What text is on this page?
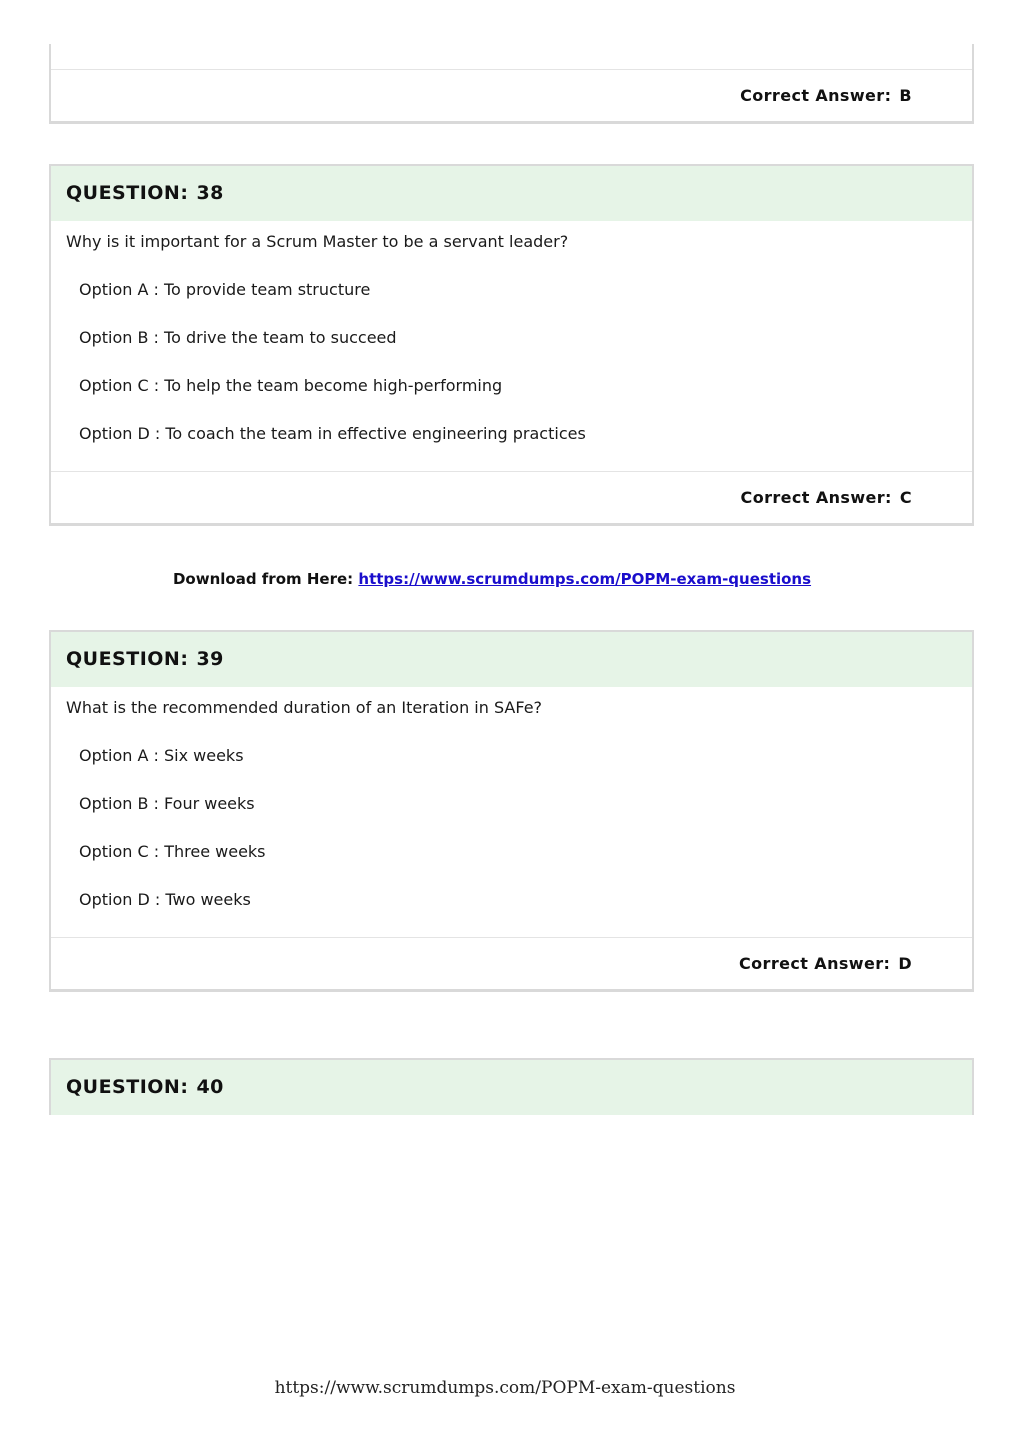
Correct Answer: B
QUESTION: 38
Why is it important for a Scrum Master to be a servant leader?
Option A : To provide team structure
Option B : To drive the team to succeed
Option C : To help the team become high-performing
Option D : To coach the team in effective engineering practices
Correct Answer: C
Download from Here: https://www.scrumdumps.com/POPM-exam-questions
QUESTION: 39
What is the recommended duration of an Iteration in SAFe?
Option A : Six weeks
Option B : Four weeks
Option C : Three weeks
Option D : Two weeks
Correct Answer: D
QUESTION: 40
https://www.scrumdumps.com/POPM-exam-questions
